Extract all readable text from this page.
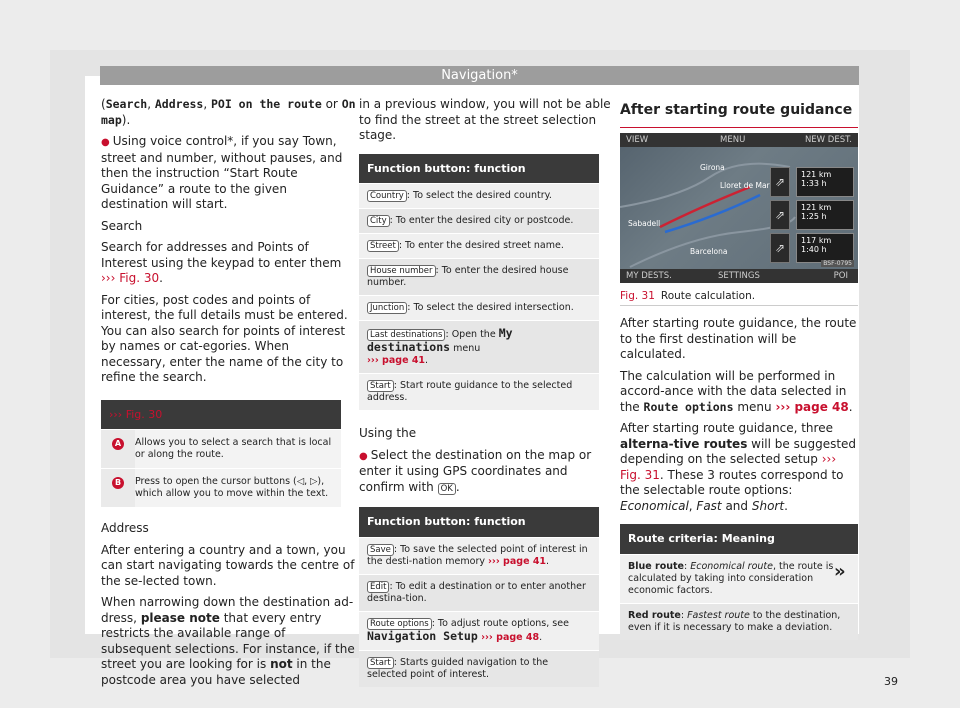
Navigation*

(Search, Address, POI on the route or On map).

● Using voice control*, if you say Town, street and number, without pauses, and then the instruction “Start Route Guidance” a route to the given destination will start.

Search

Search for addresses and Points of Interest using the keypad to enter them ››› Fig. 30.

For cities, post codes and points of interest, the full details must be entered. You can also search for points of interest by names or cat-egories. When necessary, enter the name of the city to refine the search.

››› Fig. 30
A	Allows you to select a search that is local or along the route.
B	Press to open the cursor buttons (◁, ▷), which allow you to move within the text.

Address

After entering a country and a town, you can start navigating towards the centre of the se-lected town.

When narrowing down the destination ad-dress, please note that every entry restricts the available range of subsequent selections. For instance, if the street you are looking for is not in the postcode area you have selected

in a previous window, you will not be able to find the street at the street selection stage.

Function button: function
Country : To select the desired country.
City : To enter the desired city or postcode.
Street : To enter the desired street name.
House number : To enter the desired house number.
Junction : To select the desired intersection.
Last destinations : Open the My destinations menu
››› page 41.
Start : Start route guidance to the selected address.

Using the

● Select the destination on the map or enter it using GPS coordinates and confirm with OK .

Function button: function
Save : To save the selected point of interest in the desti-nation memory ››› page 41.
Edit : To edit a destination or to enter another destina-tion.
Route options : To adjust route options, see Navigation Setup ››› page 48.
Start : Starts guided navigation to the selected point of interest.
After starting route guidance
VIEW	MENU	NEW DEST.
Girona
Lloret de Mar
Sabadell
Barcelona
⇗
121 km
1:33 h
⇗
121 km
1:25 h
⇗
117 km
1:40 h
MY DESTS.	SETTINGS	POI
BSF-0795
Fig. 31 Route calculation.

After starting route guidance, the route to the first destination will be calculated.

The calculation will be performed in accord-ance with the data selected in the Route options menu ››› page 48.

After starting route guidance, three alterna-tive routes will be suggested depending on the selected setup ››› Fig. 31. These 3 routes correspond to the selectable route options: Economical, Fast and Short.

Route criteria: Meaning
Blue route: Economical route, the route is calculated by taking into consideration economic factors.
Red route: Fastest route to the destination, even if it is necessary to make a deviation.
»
39
